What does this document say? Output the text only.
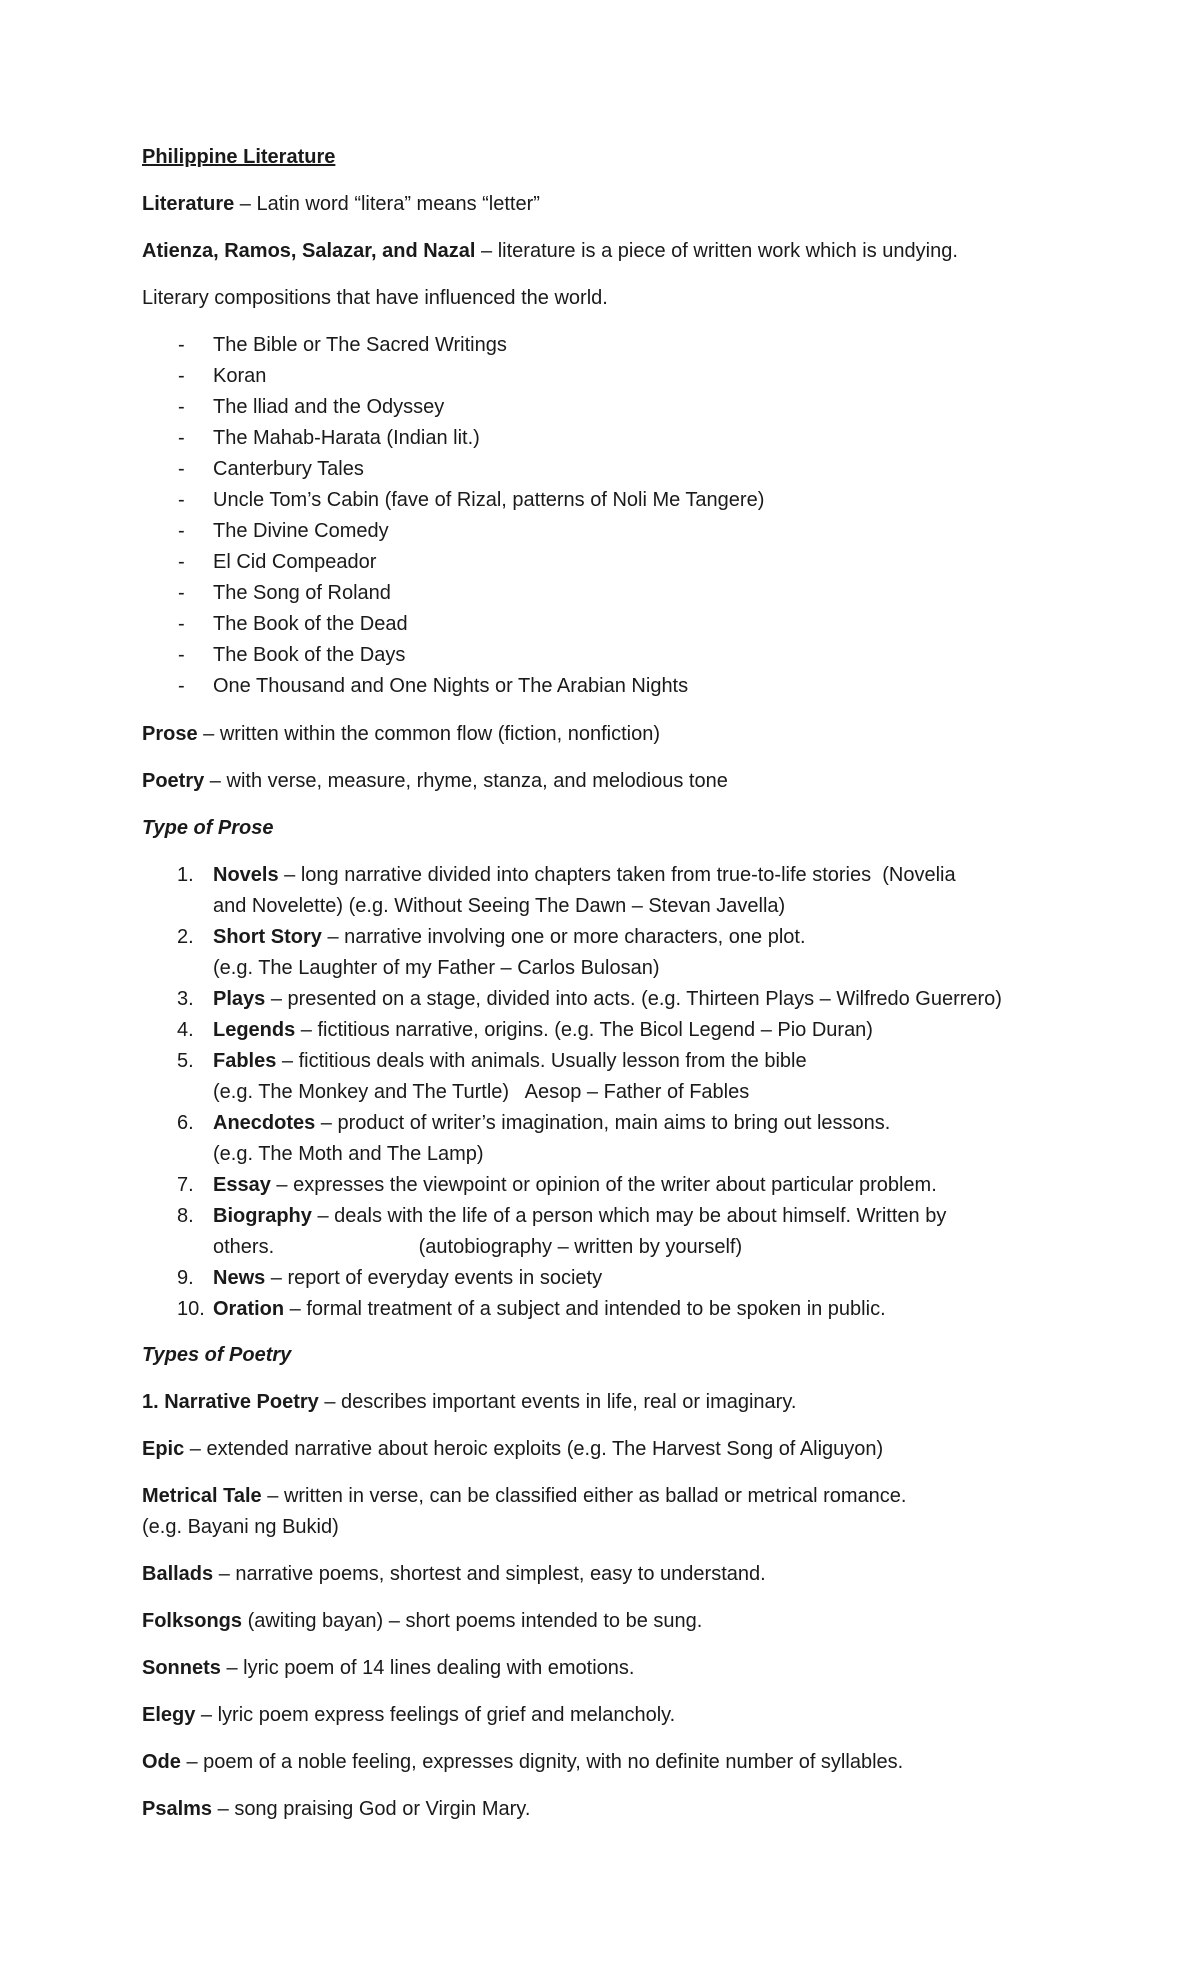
Philippine Literature
Literature – Latin word “litera” means “letter”
Atienza, Ramos, Salazar, and Nazal – literature is a piece of written work which is undying.
Literary compositions that have influenced the world.
- The Bible or The Sacred Writings
- Koran
- The lliad and the Odyssey
- The Mahab-Harata (Indian lit.)
- Canterbury Tales
- Uncle Tom’s Cabin (fave of Rizal, patterns of Noli Me Tangere)
- The Divine Comedy
- El Cid Compeador
- The Song of Roland
- The Book of the Dead
- The Book of the Days
- One Thousand and One Nights or The Arabian Nights
Prose – written within the common flow (fiction, nonfiction)
Poetry – with verse, measure, rhyme, stanza, and melodious tone
Type of Prose
1. Novels – long narrative divided into chapters taken from true-to-life stories  (Novelia
and Novelette) (e.g. Without Seeing The Dawn – Stevan Javella)
2. Short Story – narrative involving one or more characters, one plot.
(e.g. The Laughter of my Father – Carlos Bulosan)
3. Plays – presented on a stage, divided into acts. (e.g. Thirteen Plays – Wilfredo Guerrero)
4. Legends – fictitious narrative, origins. (e.g. The Bicol Legend – Pio Duran)
5. Fables – fictitious deals with animals. Usually lesson from the bible
(e.g. The Monkey and The Turtle)   Aesop – Father of Fables
6. Anecdotes – product of writer’s imagination, main aims to bring out lessons.
(e.g. The Moth and The Lamp)
7. Essay – expresses the viewpoint or opinion of the writer about particular problem.
8. Biography – deals with the life of a person which may be about himself. Written by
others.                          (autobiography – written by yourself)
9. News – report of everyday events in society
10. Oration – formal treatment of a subject and intended to be spoken in public.
Types of Poetry
1. Narrative Poetry – describes important events in life, real or imaginary.
Epic – extended narrative about heroic exploits (e.g. The Harvest Song of Aliguyon)
Metrical Tale – written in verse, can be classified either as ballad or metrical romance.
(e.g. Bayani ng Bukid)
Ballads – narrative poems, shortest and simplest, easy to understand.
Folksongs (awiting bayan) – short poems intended to be sung.
Sonnets – lyric poem of 14 lines dealing with emotions.
Elegy – lyric poem express feelings of grief and melancholy.
Ode – poem of a noble feeling, expresses dignity, with no definite number of syllables.
Psalms – song praising God or Virgin Mary.
